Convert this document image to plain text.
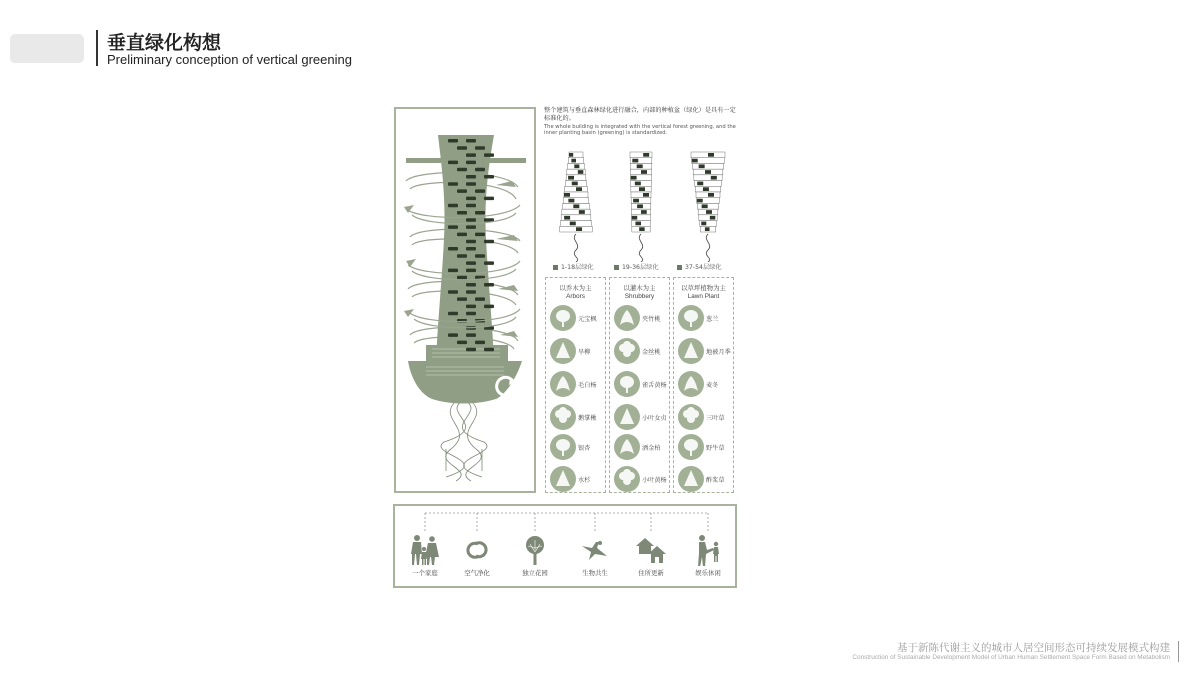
垂直绿化构想
Preliminary conception of vertical greening
整个建筑与垂直森林绿化进行融合，内部的种植盆（绿化）是具有一定标准化的。
The whole building is integrated with the vertical forest greening, and the inner planting basin (greening) is standardized.
1-18层绿化	19-36层绿化	37-54层绿化
以乔木为主
Arbors
元宝枫
旱柳
毛白杨
鹅掌楸
银杏
水杉
以灌木为主
Shrubbery
夹竹桃
金丝桃
雀舌黄杨
小叶女贞
洒金柏
小叶黄杨
以草坪植物为主
Lawn Plant
葱兰
地被月季
麦冬
三叶草
野牛草
酢浆草
一个家庭	空气净化	独立花园	生物共生	住所更新	娱乐休闲
基于新陈代谢主义的城市人居空间形态可持续发展模式构建
Construction of Sustainable Development Model of Urban Human Settlement Space Form Based on Metabolism
